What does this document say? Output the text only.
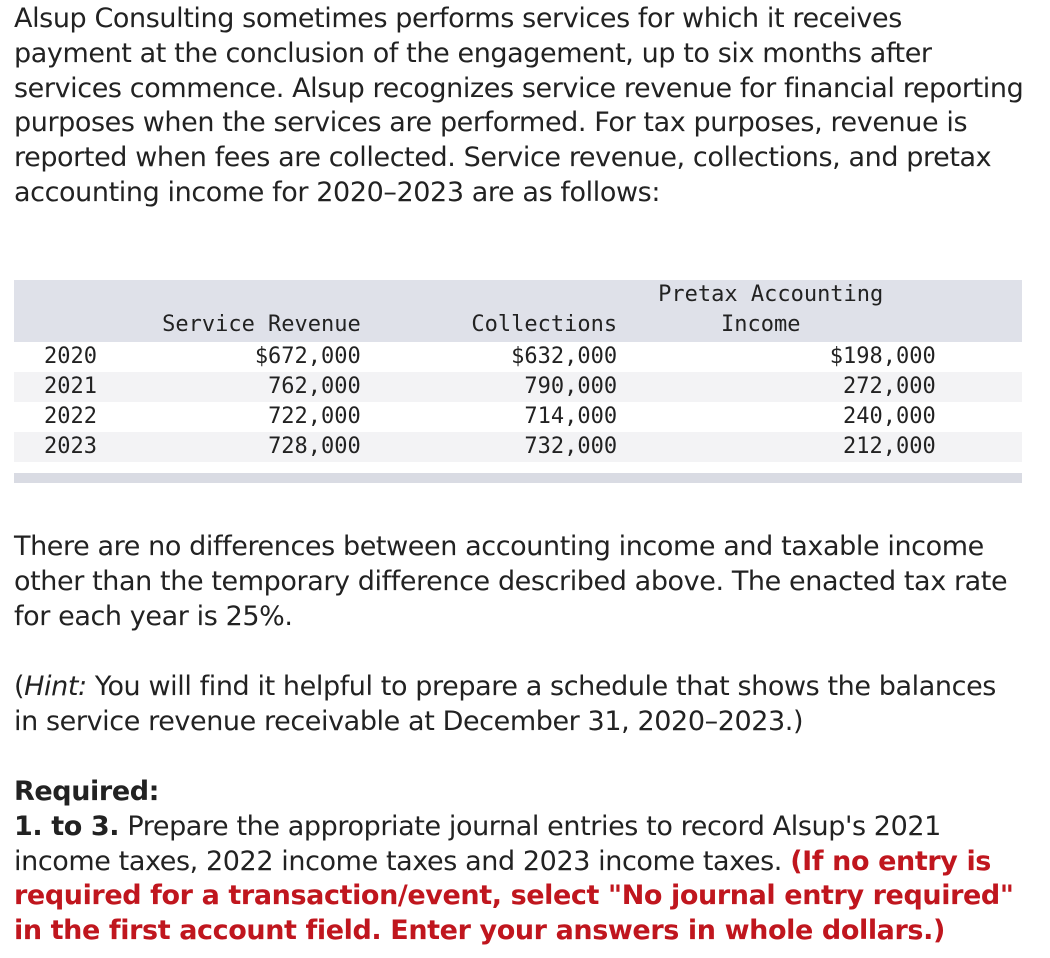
Alsup Consulting sometimes performs services for which it receives payment at the conclusion of the engagement, up to six months after services commence. Alsup recognizes service revenue for financial reporting purposes when the services are performed. For tax purposes, revenue is reported when fees are collected. Service revenue, collections, and pretax accounting income for 2020–2023 are as follows:

	Service Revenue	Collections	Pretax Accounting
Income	

2020	$672,000	$632,000	$198,000	
2021	762,000	790,000	272,000	
2022	722,000	714,000	240,000	
2023	728,000	732,000	212,000	

There are no differences between accounting income and taxable income other than the temporary difference described above. The enacted tax rate for each year is 25%.

(Hint: You will find it helpful to prepare a schedule that shows the balances in service revenue receivable at December 31, 2020–2023.)

Required:
1. to 3. Prepare the appropriate journal entries to record Alsup's 2021 income taxes, 2022 income taxes and 2023 income taxes. (If no entry is required for a transaction/event, select "No journal entry required" in the first account field. Enter your answers in whole dollars.)
